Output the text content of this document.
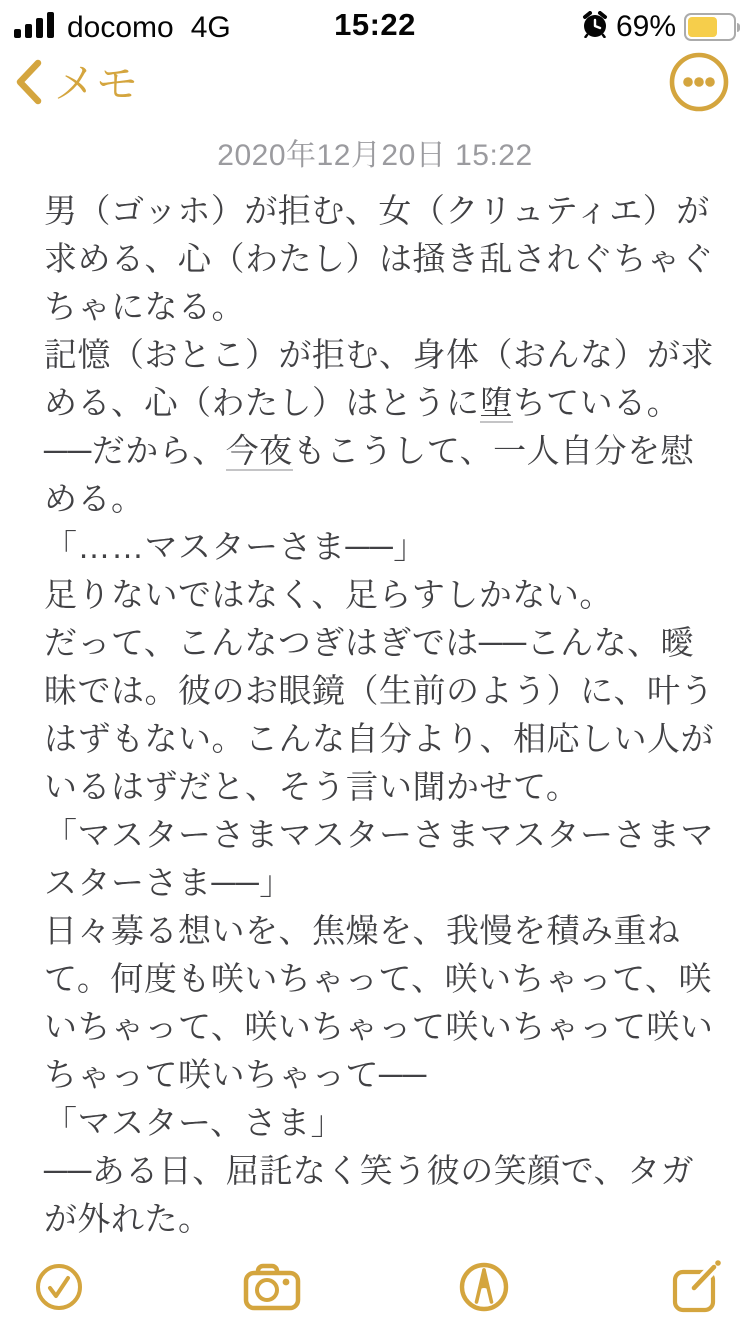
15:22
docomo 4G	69%
メモ
2020年12月20日 15:22
男（ゴッホ）が拒む、女（クリュティエ）が
求める、心（わたし）は掻き乱されぐちゃぐ
ちゃになる。
記憶（おとこ）が拒む、身体（おんな）が求
める、心（わたし）はとうに堕ちている。
──だから、今夜もこうして、一人自分を慰
める。
「……マスターさま──」
足りないではなく、足らすしかない。
だって、こんなつぎはぎでは──こんな、曖
昧では。彼のお眼鏡（生前のよう）に、叶う
はずもない。こんな自分より、相応しい人が
いるはずだと、そう言い聞かせて。
「マスターさまマスターさまマスターさまマ
スターさま──」
日々募る想いを、焦燥を、我慢を積み重ね
て。何度も咲いちゃって、咲いちゃって、咲
いちゃって、咲いちゃって咲いちゃって咲い
ちゃって咲いちゃって──
「マスター、さま」
──ある日、屈託なく笑う彼の笑顔で、タガ
が外れた。
